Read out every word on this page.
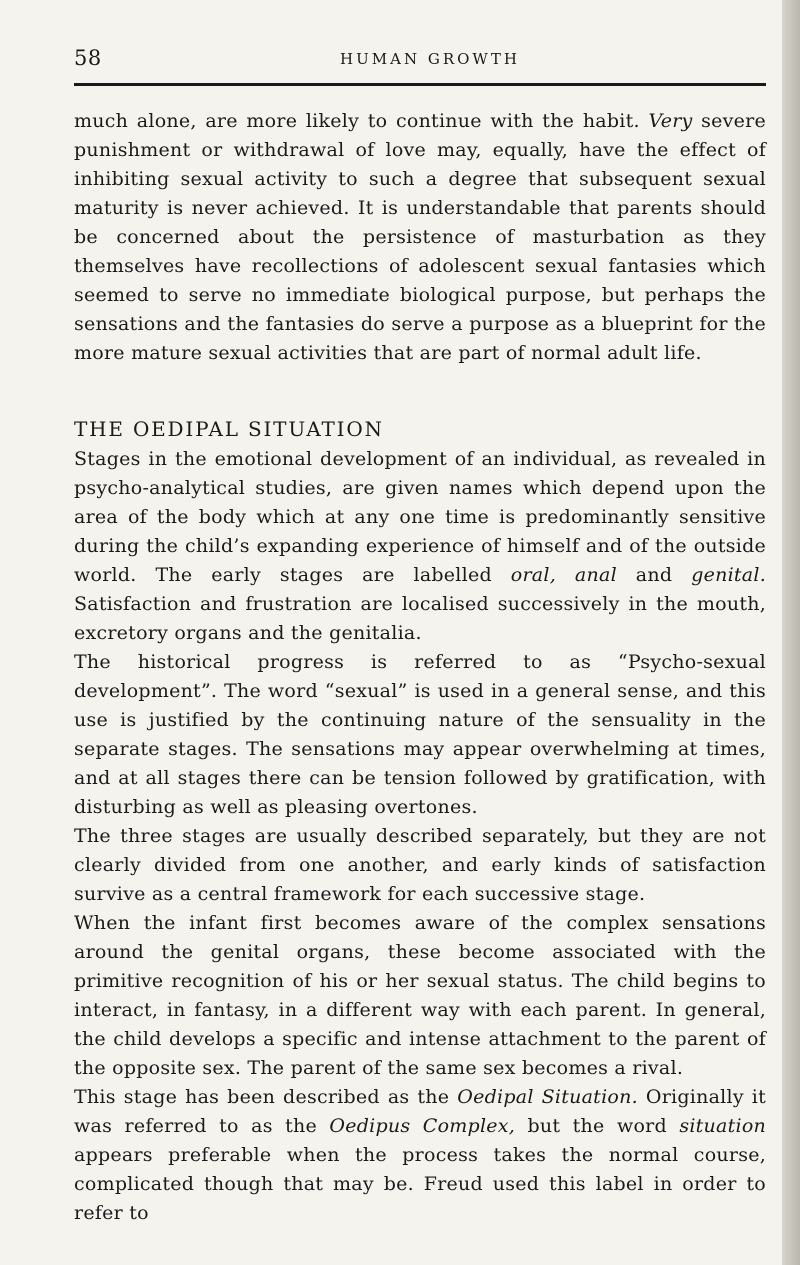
58	HUMAN GROWTH

much alone, are more likely to continue with the habit. Very severe punishment or withdrawal of love may, equally, have the effect of inhibiting sexual activity to such a degree that subsequent sexual maturity is never achieved. It is understandable that parents should be concerned about the persistence of masturbation as they themselves have recollections of adolescent sexual fantasies which seemed to serve no immediate biological purpose, but perhaps the sensations and the fantasies do serve a purpose as a blueprint for the more mature sexual activities that are part of normal adult life.

THE OEDIPAL SITUATION

Stages in the emotional development of an individual, as revealed in psycho-analytical studies, are given names which depend upon the area of the body which at any one time is predominantly sensitive during the child’s expanding experience of himself and of the outside world. The early stages are labelled oral, anal and genital. Satisfaction and frustration are localised successively in the mouth, excretory organs and the genitalia.

The historical progress is referred to as “Psycho-sexual development”. The word “sexual” is used in a general sense, and this use is justified by the continuing nature of the sensuality in the separate stages. The sensations may appear overwhelming at times, and at all stages there can be tension followed by gratification, with disturbing as well as pleasing overtones.

The three stages are usually described separately, but they are not clearly divided from one another, and early kinds of satisfaction survive as a central framework for each successive stage.

When the infant first becomes aware of the complex sensations around the genital organs, these become associated with the primitive recognition of his or her sexual status. The child begins to interact, in fantasy, in a different way with each parent. In general, the child develops a specific and intense attachment to the parent of the opposite sex. The parent of the same sex becomes a rival.

This stage has been described as the Oedipal Situation. Originally it was referred to as the Oedipus Complex, but the word situation appears preferable when the process takes the normal course, complicated though that may be. Freud used this label in order to refer to
